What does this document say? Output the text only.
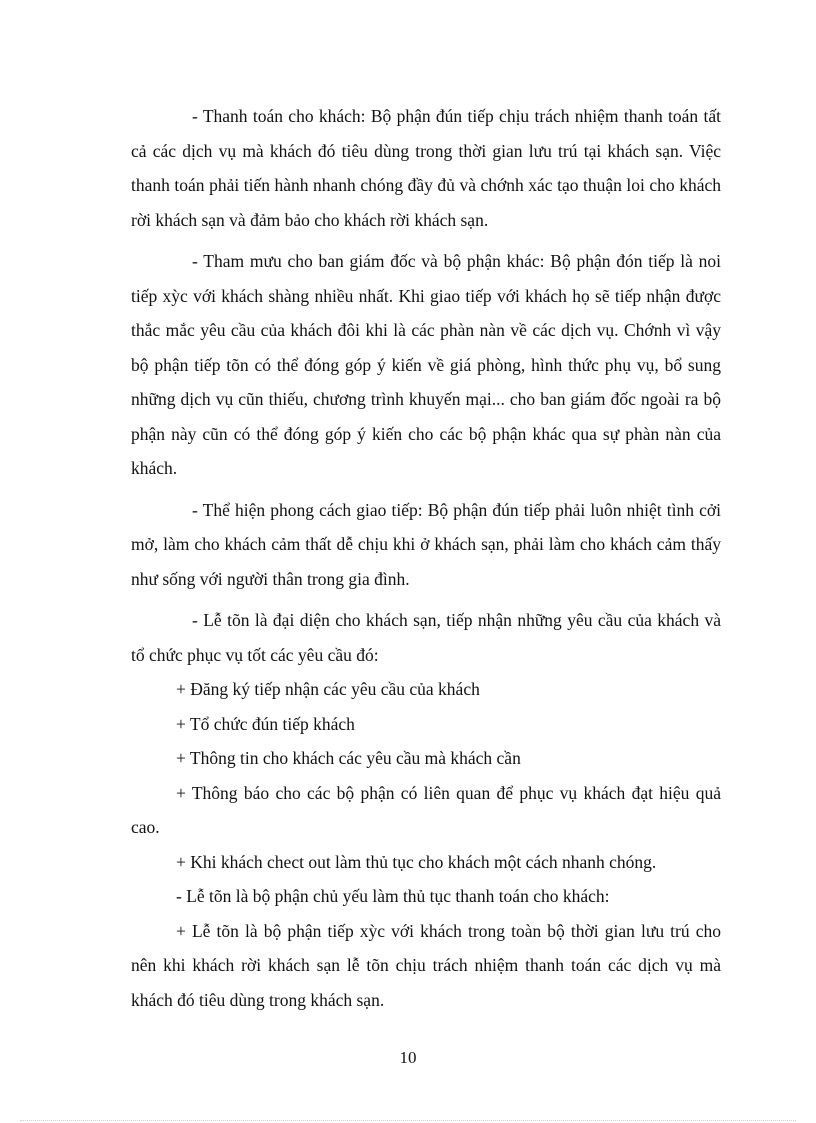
- Thanh toán cho khách: Bộ phận đún tiếp chịu trách nhiệm thanh toán tất cả các dịch vụ mà khách đó tiêu dùng trong thời gian lưu trú tại khách sạn. Việc thanh toán phải tiến hành nhanh chóng đầy đủ và chớnh xác tạo thuận loi cho khách rời khách sạn và đảm bảo cho khách rời khách sạn.

- Tham mưu cho ban giám đốc và bộ phận khác: Bộ phận đón tiếp là noi tiếp xỳc với khách shàng nhiều nhất. Khi giao tiếp với khách họ sẽ tiếp nhận được thắc mắc yêu cầu của khách đôi khi là các phàn nàn về các dịch vụ. Chớnh vì vậy bộ phận tiếp tõn có thể đóng góp ý kiến về giá phòng, hình thức phụ vụ, bổ sung những dịch vụ cũn thiếu, chương trình khuyến mại... cho ban giám đốc ngoài ra bộ phận này cũn có thể đóng góp ý kiến cho các bộ phận khác qua sự phàn nàn của khách.

- Thể hiện phong cách giao tiếp: Bộ phận đún tiếp phải luôn nhiệt tình cởi mở, làm cho khách cảm thất dễ chịu khi ở khách sạn, phải làm cho khách cảm thấy như sống với người thân trong gia đình.

- Lễ tõn là đại diện cho khách sạn, tiếp nhận những yêu cầu của khách và tổ chức phục vụ tốt các yêu cầu đó:

+ Đăng ký tiếp nhận các yêu cầu của khách

+ Tổ chức đún tiếp khách

+ Thông tin cho khách các yêu cầu mà khách cần

+ Thông báo cho các bộ phận có liên quan để phục vụ khách đạt hiệu quả cao.

+ Khi khách chect out làm thủ tục cho khách một cách nhanh chóng.

- Lễ tõn là bộ phận chủ yếu làm thủ tục thanh toán cho khách:

+ Lễ tõn là bộ phận tiếp xỳc với khách trong toàn bộ thời gian lưu trú cho nên khi khách rời khách sạn lễ tõn chịu trách nhiệm thanh toán các dịch vụ mà khách đó tiêu dùng trong khách sạn.

10
